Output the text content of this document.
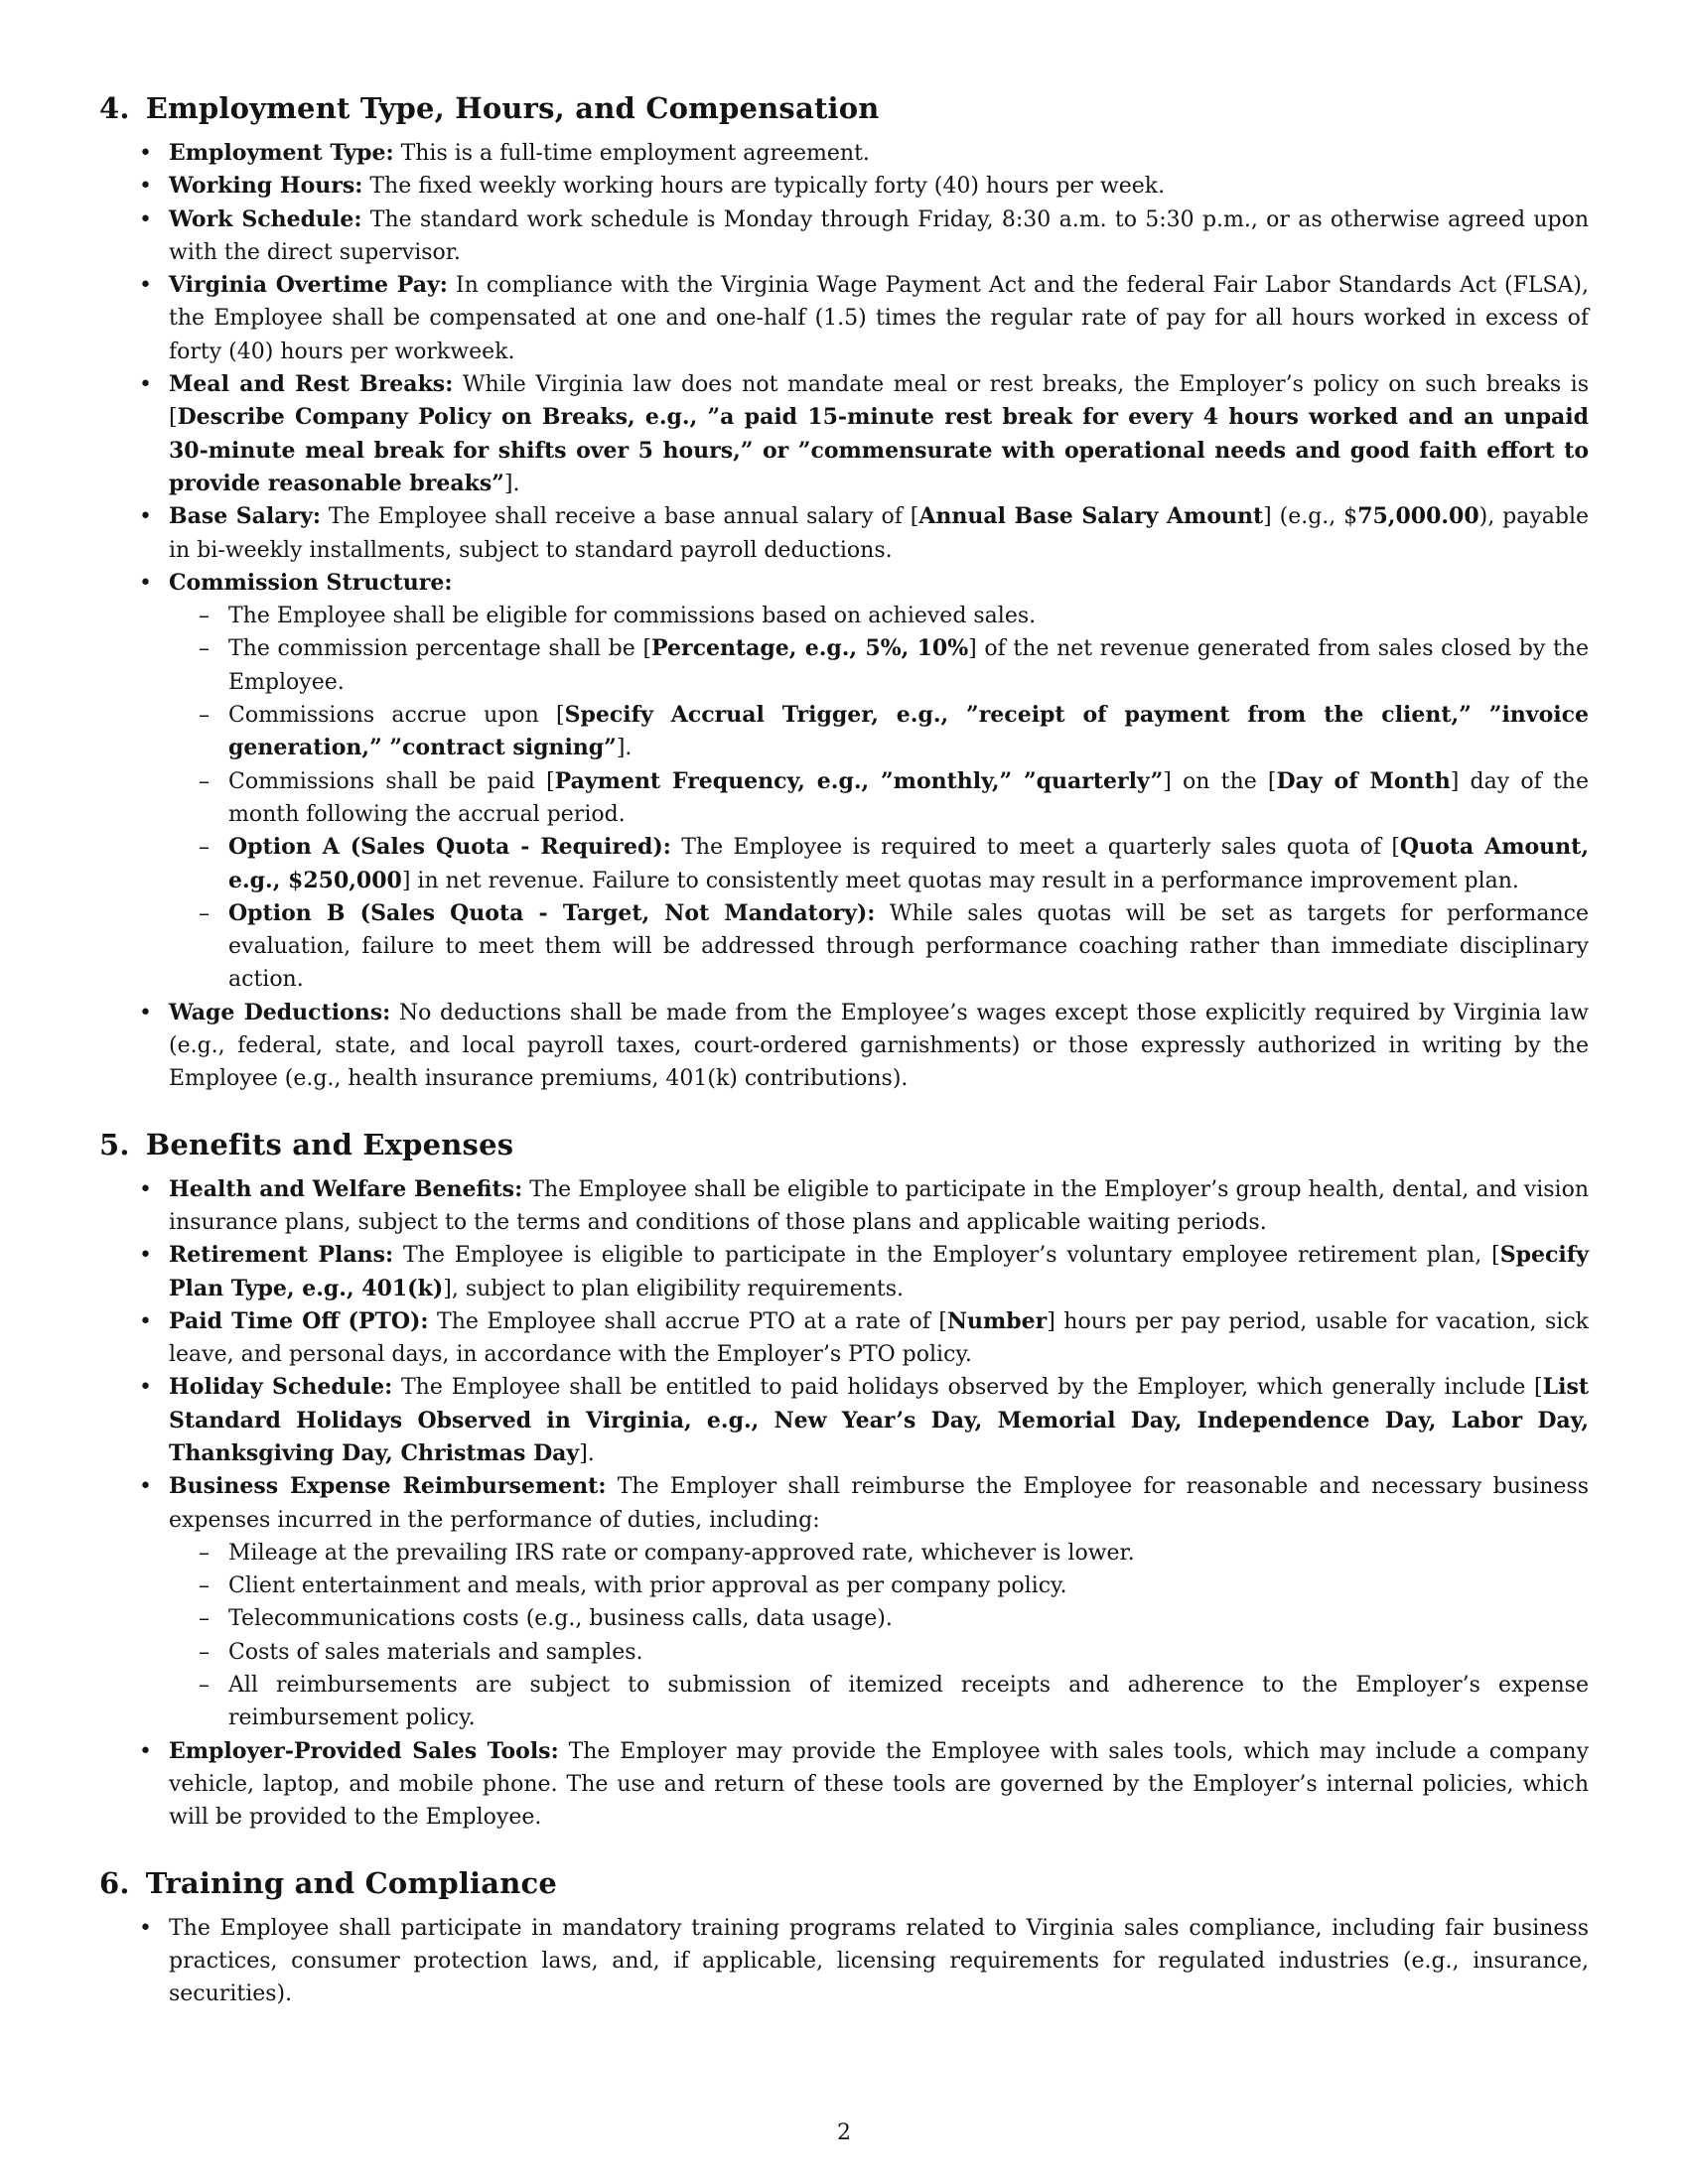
4. Employment Type, Hours, and Compensation
• Employment Type: This is a full-time employment agreement.
• Working Hours: The fixed weekly working hours are typically forty (40) hours per week.
• Work Schedule: The standard work schedule is Monday through Friday, 8:30 a.m. to 5:30 p.m., or as otherwise agreed upon with the direct supervisor.
• Virginia Overtime Pay: In compliance with the Virginia Wage Payment Act and the federal Fair Labor Standards Act (FLSA), the Employee shall be compensated at one and one-half (1.5) times the regular rate of pay for all hours worked in excess of forty (40) hours per workweek.
• Meal and Rest Breaks: While Virginia law does not mandate meal or rest breaks, the Employer’s policy on such breaks is [Describe Company Policy on Breaks, e.g., ”a paid 15-minute rest break for every 4 hours worked and an unpaid 30-minute meal break for shifts over 5 hours,” or ”commensurate with operational needs and good faith effort to provide reasonable breaks”].
• Base Salary: The Employee shall receive a base annual salary of [Annual Base Salary Amount] (e.g., $75,000.00), payable in bi-weekly installments, subject to standard payroll deductions.
• Commission Structure:
– The Employee shall be eligible for commissions based on achieved sales.
– The commission percentage shall be [Percentage, e.g., 5%, 10%] of the net revenue generated from sales closed by the Employee.
– Commissions accrue upon [Specify Accrual Trigger, e.g., ”receipt of payment from the client,” ”invoice generation,” ”contract signing”].
– Commissions shall be paid [Payment Frequency, e.g., ”monthly,” ”quarterly”] on the [Day of Month] day of the month following the accrual period.
– Option A (Sales Quota - Required): The Employee is required to meet a quarterly sales quota of [Quota Amount, e.g., $250,000] in net revenue. Failure to consistently meet quotas may result in a performance improvement plan.
– Option B (Sales Quota - Target, Not Mandatory): While sales quotas will be set as targets for performance evaluation, failure to meet them will be addressed through performance coaching rather than immediate disciplinary action.
• Wage Deductions: No deductions shall be made from the Employee’s wages except those explicitly required by Virginia law (e.g., federal, state, and local payroll taxes, court-ordered garnishments) or those expressly authorized in writing by the Employee (e.g., health insurance premiums, 401(k) contributions).
5. Benefits and Expenses
• Health and Welfare Benefits: The Employee shall be eligible to participate in the Employer’s group health, dental, and vision insurance plans, subject to the terms and conditions of those plans and applicable waiting periods.
• Retirement Plans: The Employee is eligible to participate in the Employer’s voluntary employee retirement plan, [Specify Plan Type, e.g., 401(k)], subject to plan eligibility requirements.
• Paid Time Off (PTO): The Employee shall accrue PTO at a rate of [Number] hours per pay period, usable for vacation, sick leave, and personal days, in accordance with the Employer’s PTO policy.
• Holiday Schedule: The Employee shall be entitled to paid holidays observed by the Employer, which generally include [List Standard Holidays Observed in Virginia, e.g., New Year’s Day, Memorial Day, Independence Day, Labor Day, Thanksgiving Day, Christmas Day].
• Business Expense Reimbursement: The Employer shall reimburse the Employee for reasonable and necessary business expenses incurred in the performance of duties, including:
– Mileage at the prevailing IRS rate or company-approved rate, whichever is lower.
– Client entertainment and meals, with prior approval as per company policy.
– Telecommunications costs (e.g., business calls, data usage).
– Costs of sales materials and samples.
– All reimbursements are subject to submission of itemized receipts and adherence to the Employer’s expense reimbursement policy.
• Employer-Provided Sales Tools: The Employer may provide the Employee with sales tools, which may include a company vehicle, laptop, and mobile phone. The use and return of these tools are governed by the Employer’s internal policies, which will be provided to the Employee.
6. Training and Compliance
• The Employee shall participate in mandatory training programs related to Virginia sales compliance, including fair business practices, consumer protection laws, and, if applicable, licensing requirements for regulated industries (e.g., insurance, securities).
2
